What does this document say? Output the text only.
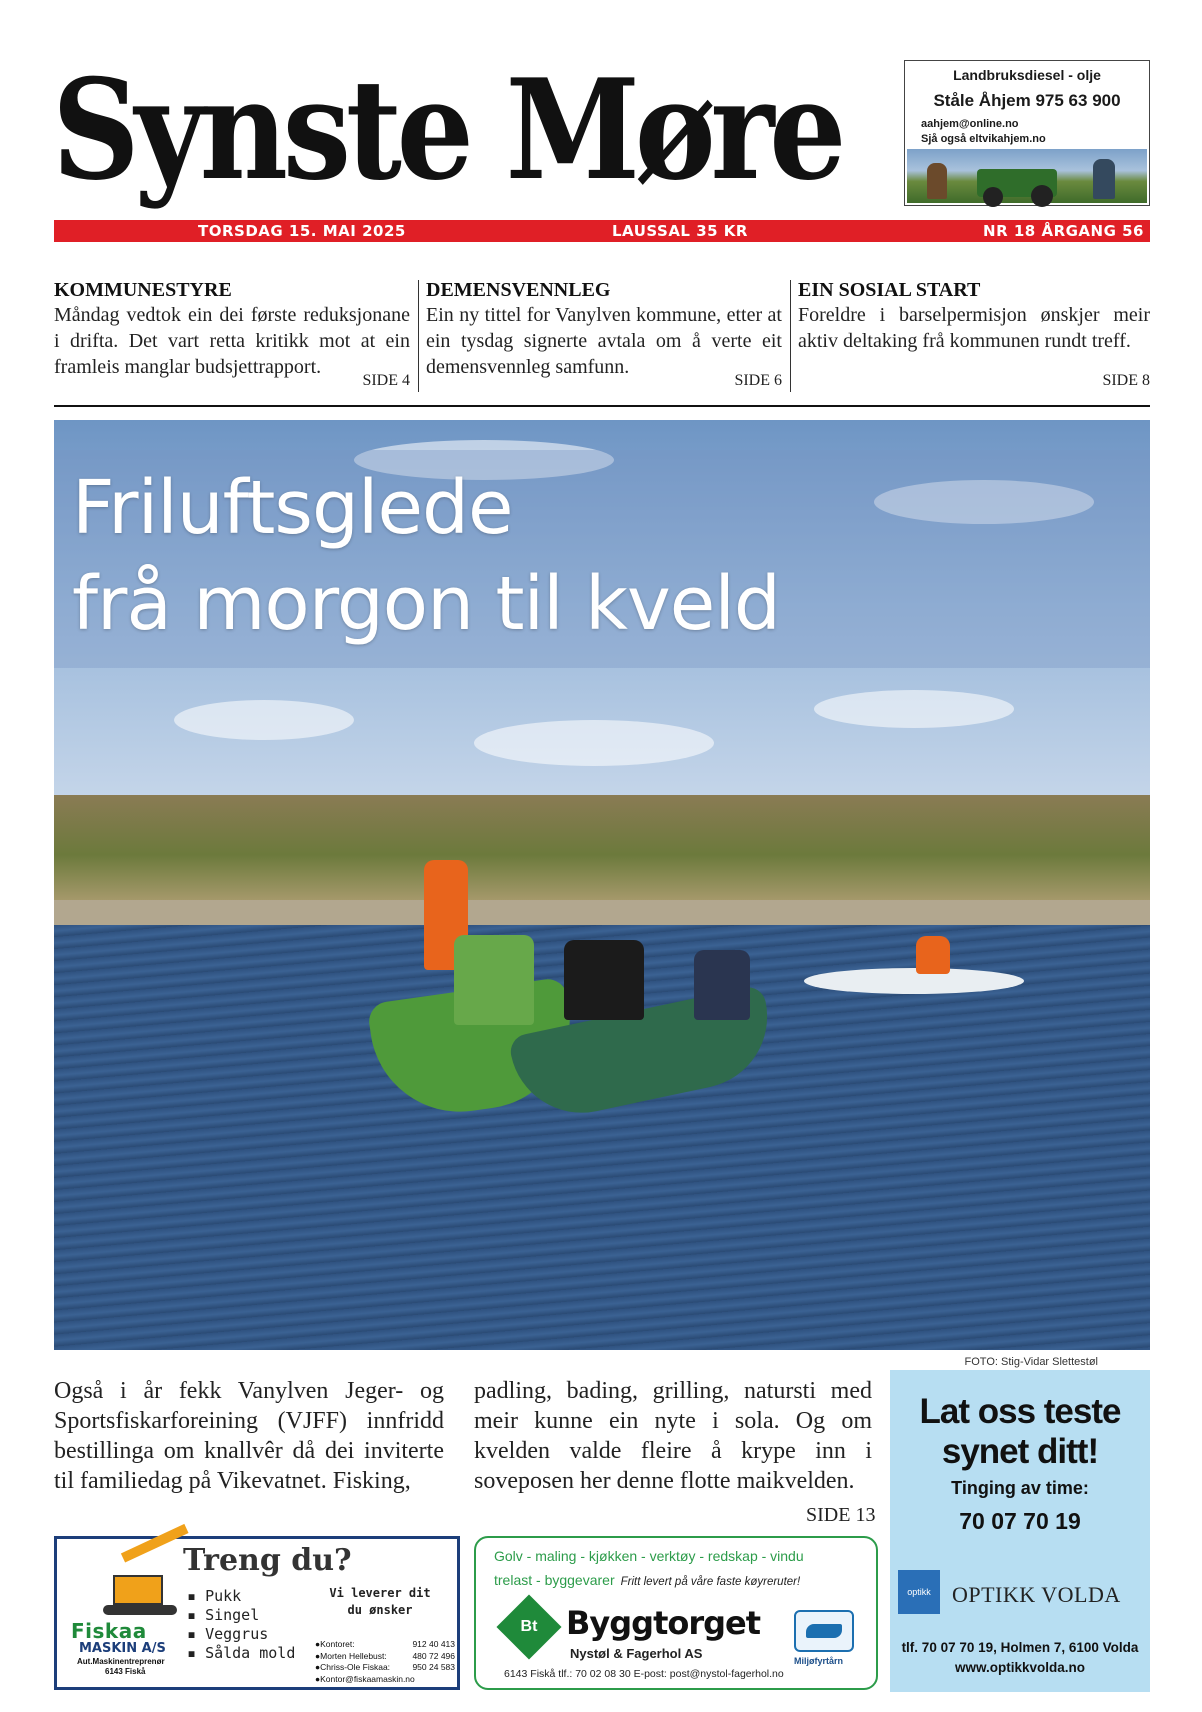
Synste Møre	Landbruksdiesel - olje
Ståle Åhjem 975 63 900
aahjem@online.no
Sjå også eltvikahjem.no
TORSDAG 15. MAI 2025	LAUSSAL 35 KR	NR 18 ÅRGANG 56
KOMMUNESTYRE

Måndag vedtok ein dei første reduksjonane i drifta. Det vart retta kritikk mot at ein framleis manglar budsjettrapport.

SIDE 4
DEMENSVENNLEG

Ein ny tittel for Vanylven kommune, etter at ein tysdag signerte avtala om å verte eit demensvennleg samfunn.

SIDE 6
EIN SOSIAL START

Foreldre i barselpermisjon ønskjer meir aktiv deltaking frå kommunen rundt treff.

SIDE 8
Friluftsglede
frå morgon til kveld
FOTO: Stig-Vidar Slettestøl
Også i år fekk Vanylven Jeger- og Sportsfiskarforeining (VJFF) innfridd bestillinga om knallvêr då dei inviterte til familiedag på Vikevatnet. Fisking,
padling, bading, grilling, natursti med meir kunne ein nyte i sola. Og om kvelden valde fleire å krype inn i soveposen her denne flotte maikvelden.
SIDE 13
Lat oss teste synet ditt!
Tinging av time:
70 07 70 19
optikk OPTIKK VOLDA
tlf. 70 07 70 19, Holmen 7, 6100 Volda
www.optikkvolda.no
Fiskaa
MASKIN A/S
Aut.Maskinentreprenør
6143 Fiskå
Treng du?
▪ Pukk
▪ Singel
▪ Veggrus
▪ Sålda mold
Vi leverer dit du ønsker
● Kontoret:	912 40 413
● Morten Hellebust:	480 72 496
● Chriss-Ole Fiskaa:	950 24 583
● Kontor@fiskaamaskin.no
Golv - maling - kjøkken - verktøy - redskap - vindu
trelast - byggevarer Fritt levert på våre faste køyreruter!
Bt Byggtorget
Nystøl & Fagerhol AS
6143 Fiskå tlf.: 70 02 08 30 E-post: post@nystol-fagerhol.no
Miljøfyrtårn
